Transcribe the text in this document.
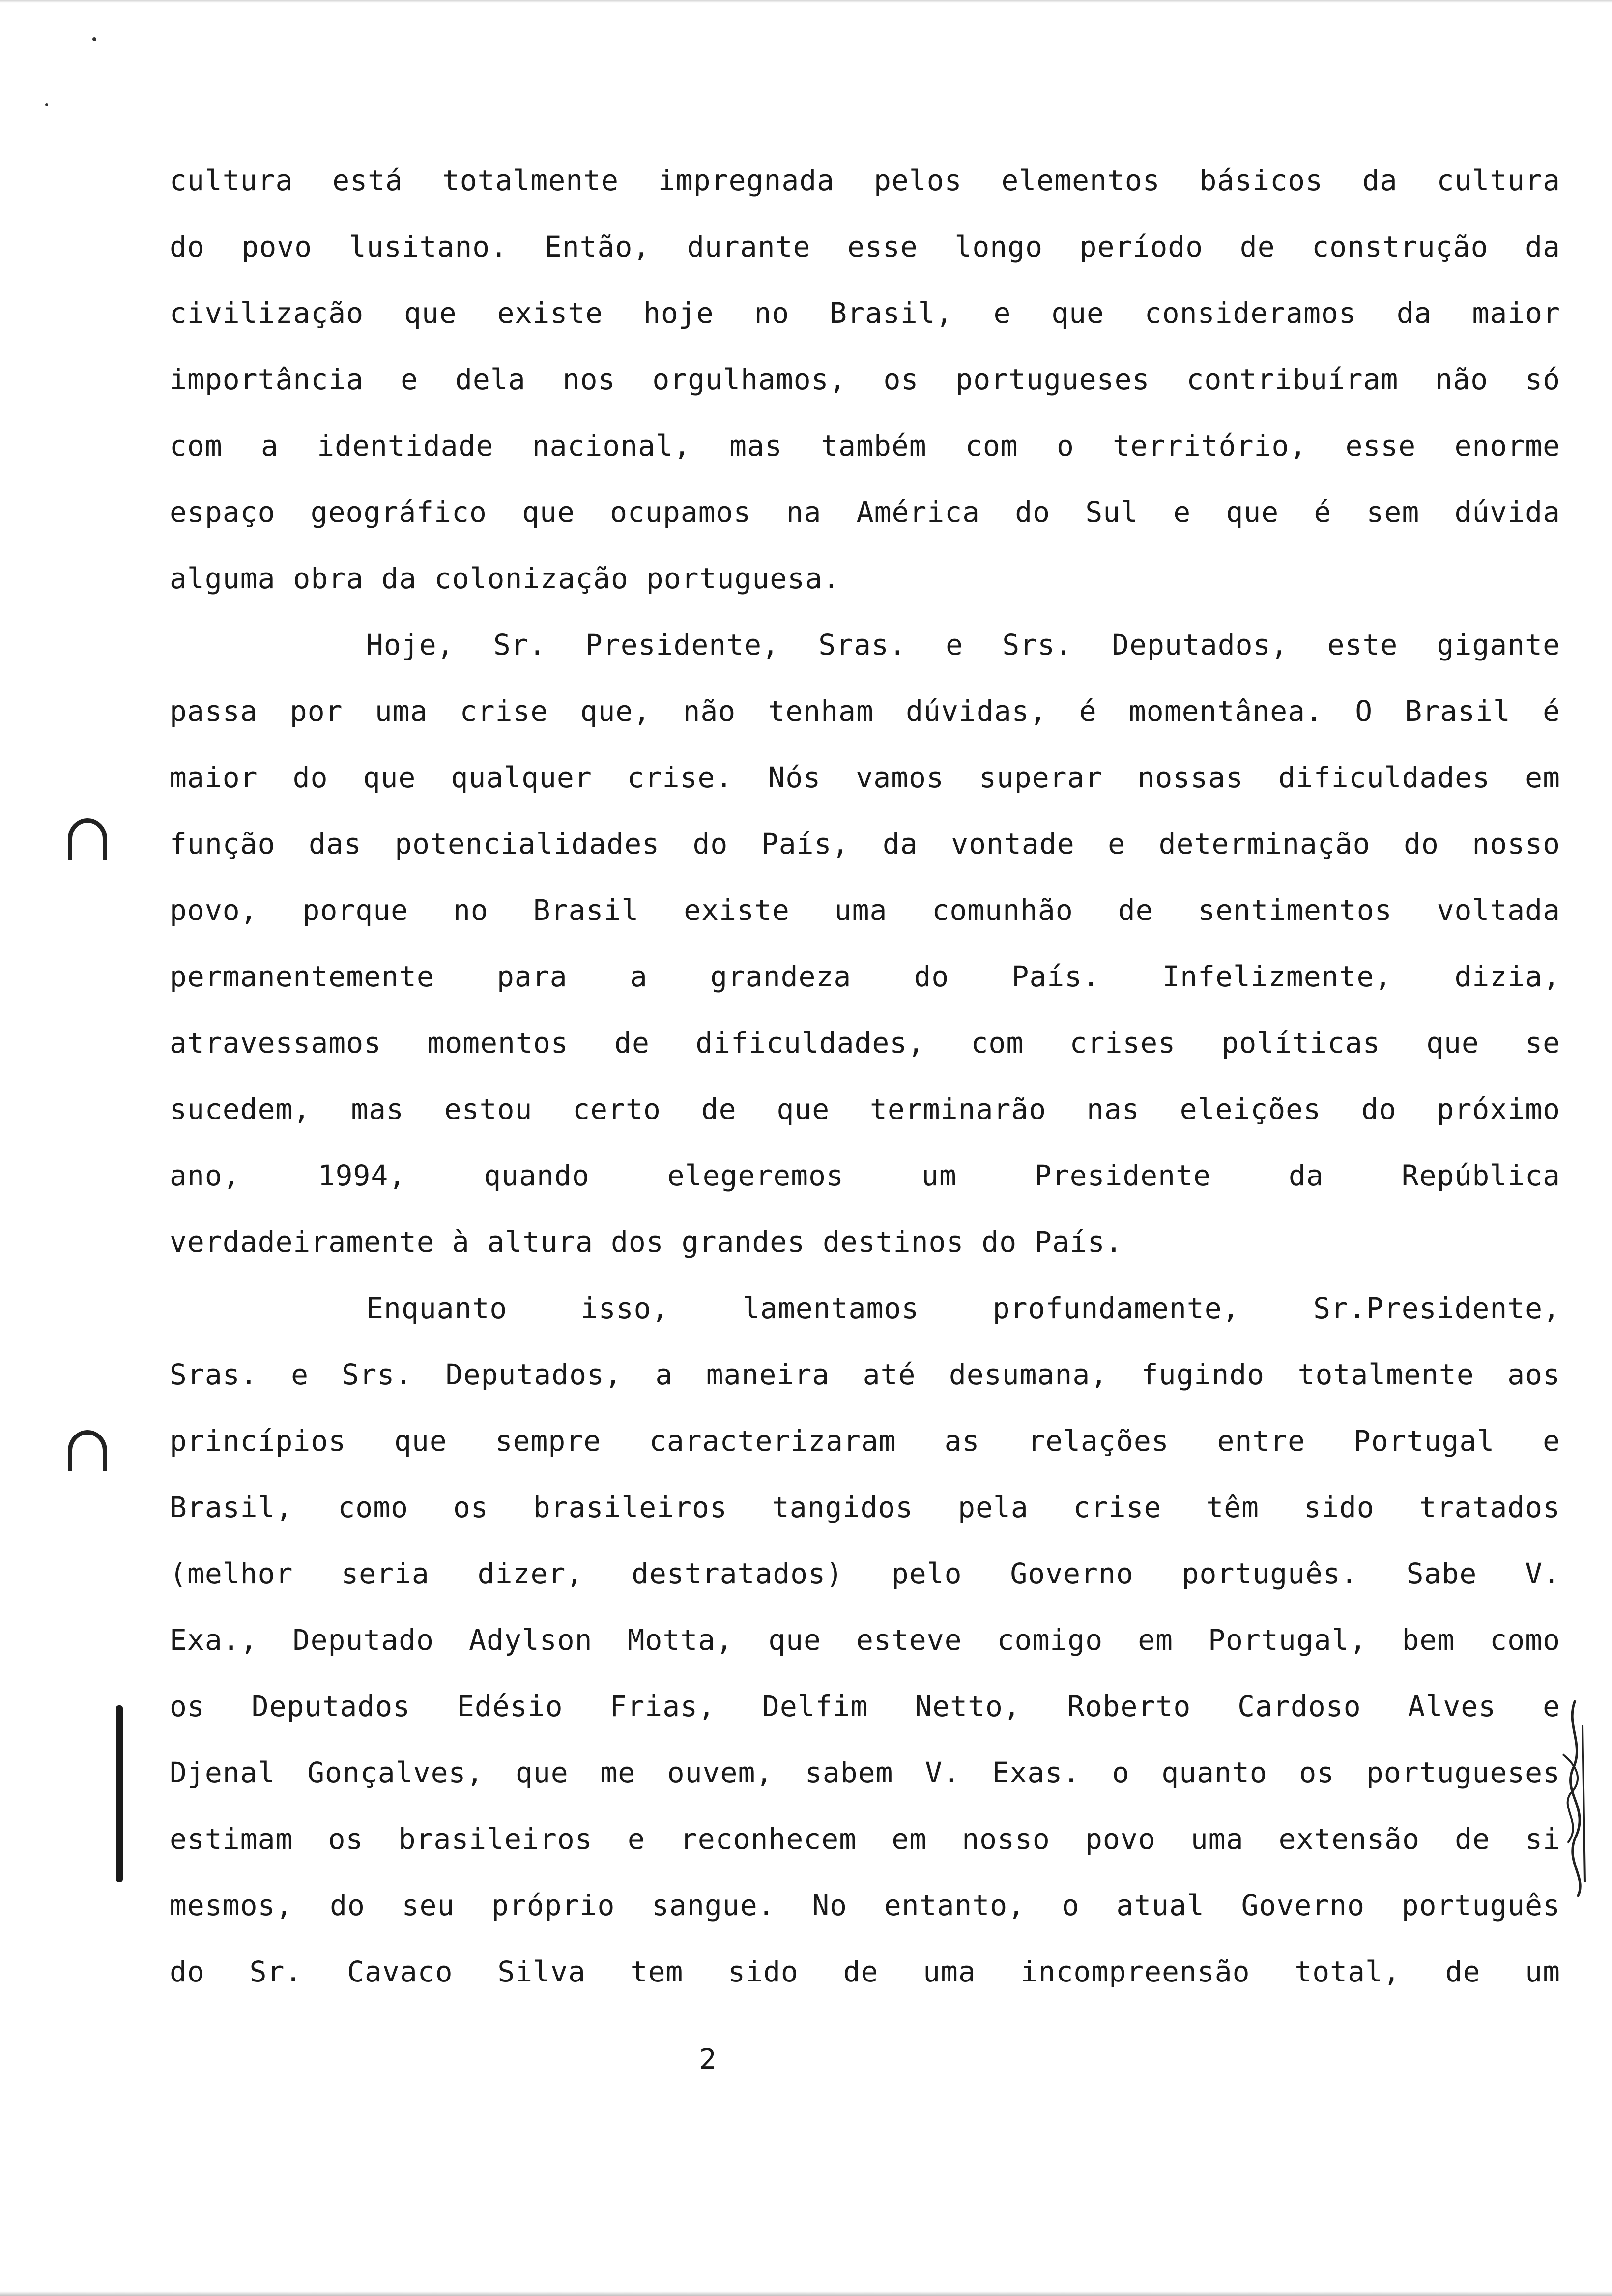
cultura está totalmente impregnada pelos elementos básicos da cultura
do povo lusitano. Então, durante esse longo período de construção da
civilização que existe hoje no Brasil, e que consideramos da maior
importância e dela nos orgulhamos, os portugueses contribuíram não só
com a identidade nacional, mas também com o território, esse enorme
espaço geográfico que ocupamos na América do Sul e que é sem dúvida
alguma obra da colonização portuguesa.
Hoje, Sr. Presidente, Sras. e Srs. Deputados, este gigante
passa por uma crise que, não tenham dúvidas, é momentânea. O Brasil é
maior do que qualquer crise. Nós vamos superar nossas dificuldades em
função das potencialidades do País, da vontade e determinação do nosso
povo, porque no Brasil existe uma comunhão de sentimentos voltada
permanentemente para a grandeza do País. Infelizmente, dizia,
atravessamos momentos de dificuldades, com crises políticas que se
sucedem, mas estou certo de que terminarão nas eleições do próximo
ano, 1994, quando elegeremos um Presidente da República
verdadeiramente à altura dos grandes destinos do País.
Enquanto isso, lamentamos profundamente, Sr.Presidente,
Sras. e Srs. Deputados, a maneira até desumana, fugindo totalmente aos
princípios que sempre caracterizaram as relações entre Portugal e
Brasil, como os brasileiros tangidos pela crise têm sido tratados
(melhor seria dizer, destratados) pelo Governo português. Sabe V.
Exa., Deputado Adylson Motta, que esteve comigo em Portugal, bem como
os Deputados Edésio Frias, Delfim Netto, Roberto Cardoso Alves e
Djenal Gonçalves, que me ouvem, sabem V. Exas. o quanto os portugueses
estimam os brasileiros e reconhecem em nosso povo uma extensão de si
mesmos, do seu próprio sangue. No entanto, o atual Governo português
do Sr. Cavaco Silva tem sido de uma incompreensão total, de um
2
